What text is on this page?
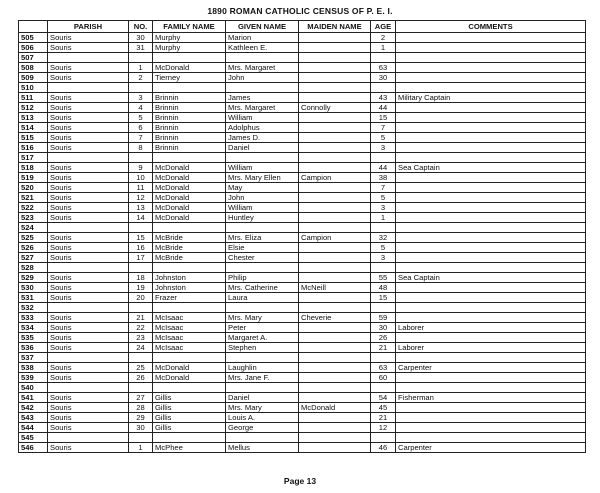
1890 ROMAN CATHOLIC CENSUS OF P. E. I.
	PARISH	NO.	FAMILY NAME	GIVEN NAME	MAIDEN NAME	AGE	COMMENTS
505	Souris	30	Murphy	Marion		2	
506	Souris	31	Murphy	Kathleen E.		1	
507							
508	Souris	1	McDonald	Mrs. Margaret		63	
509	Souris	2	Tierney	John		30	
510							
511	Souris	3	Brinnin	James		43	Military Captain
512	Souris	4	Brinnin	Mrs. Margaret	Connolly	44	
513	Souris	5	Brinnin	William		15	
514	Souris	6	Brinnin	Adolphus		7	
515	Souris	7	Brinnin	James D.		5	
516	Souris	8	Brinnin	Daniel		3	
517							
518	Souris	9	McDonald	William		44	Sea Captain
519	Souris	10	McDonald	Mrs. Mary Ellen	Campion	38	
520	Souris	11	McDonald	May		7	
521	Souris	12	McDonald	John		5	
522	Souris	13	McDonald	William		3	
523	Souris	14	McDonald	Huntley		1	
524							
525	Souris	15	McBride	Mrs. Eliza	Campion	32	
526	Souris	16	McBride	Elsie		5	
527	Souris	17	McBride	Chester		3	
528							
529	Souris	18	Johnston	Philip		55	Sea Captain
530	Souris	19	Johnston	Mrs. Catherine	McNeill	48	
531	Souris	20	Frazer	Laura		15	
532							
533	Souris	21	McIsaac	Mrs. Mary	Cheverie	59	
534	Souris	22	McIsaac	Peter		30	Laborer
535	Souris	23	McIsaac	Margaret A.		26	
536	Souris	24	McIsaac	Stephen		21	Laborer
537							
538	Souris	25	McDonald	Laughlin		63	Carpenter
539	Souris	26	McDonald	Mrs. Jane F.		60	
540							
541	Souris	27	Gillis	Daniel		54	Fisherman
542	Souris	28	Gillis	Mrs. Mary	McDonald	45	
543	Souris	29	Gillis	Louis A.		21	
544	Souris	30	Gillis	George		12	
545							
546	Souris	1	McPhee	Mellus		46	Carpenter
Page 13
